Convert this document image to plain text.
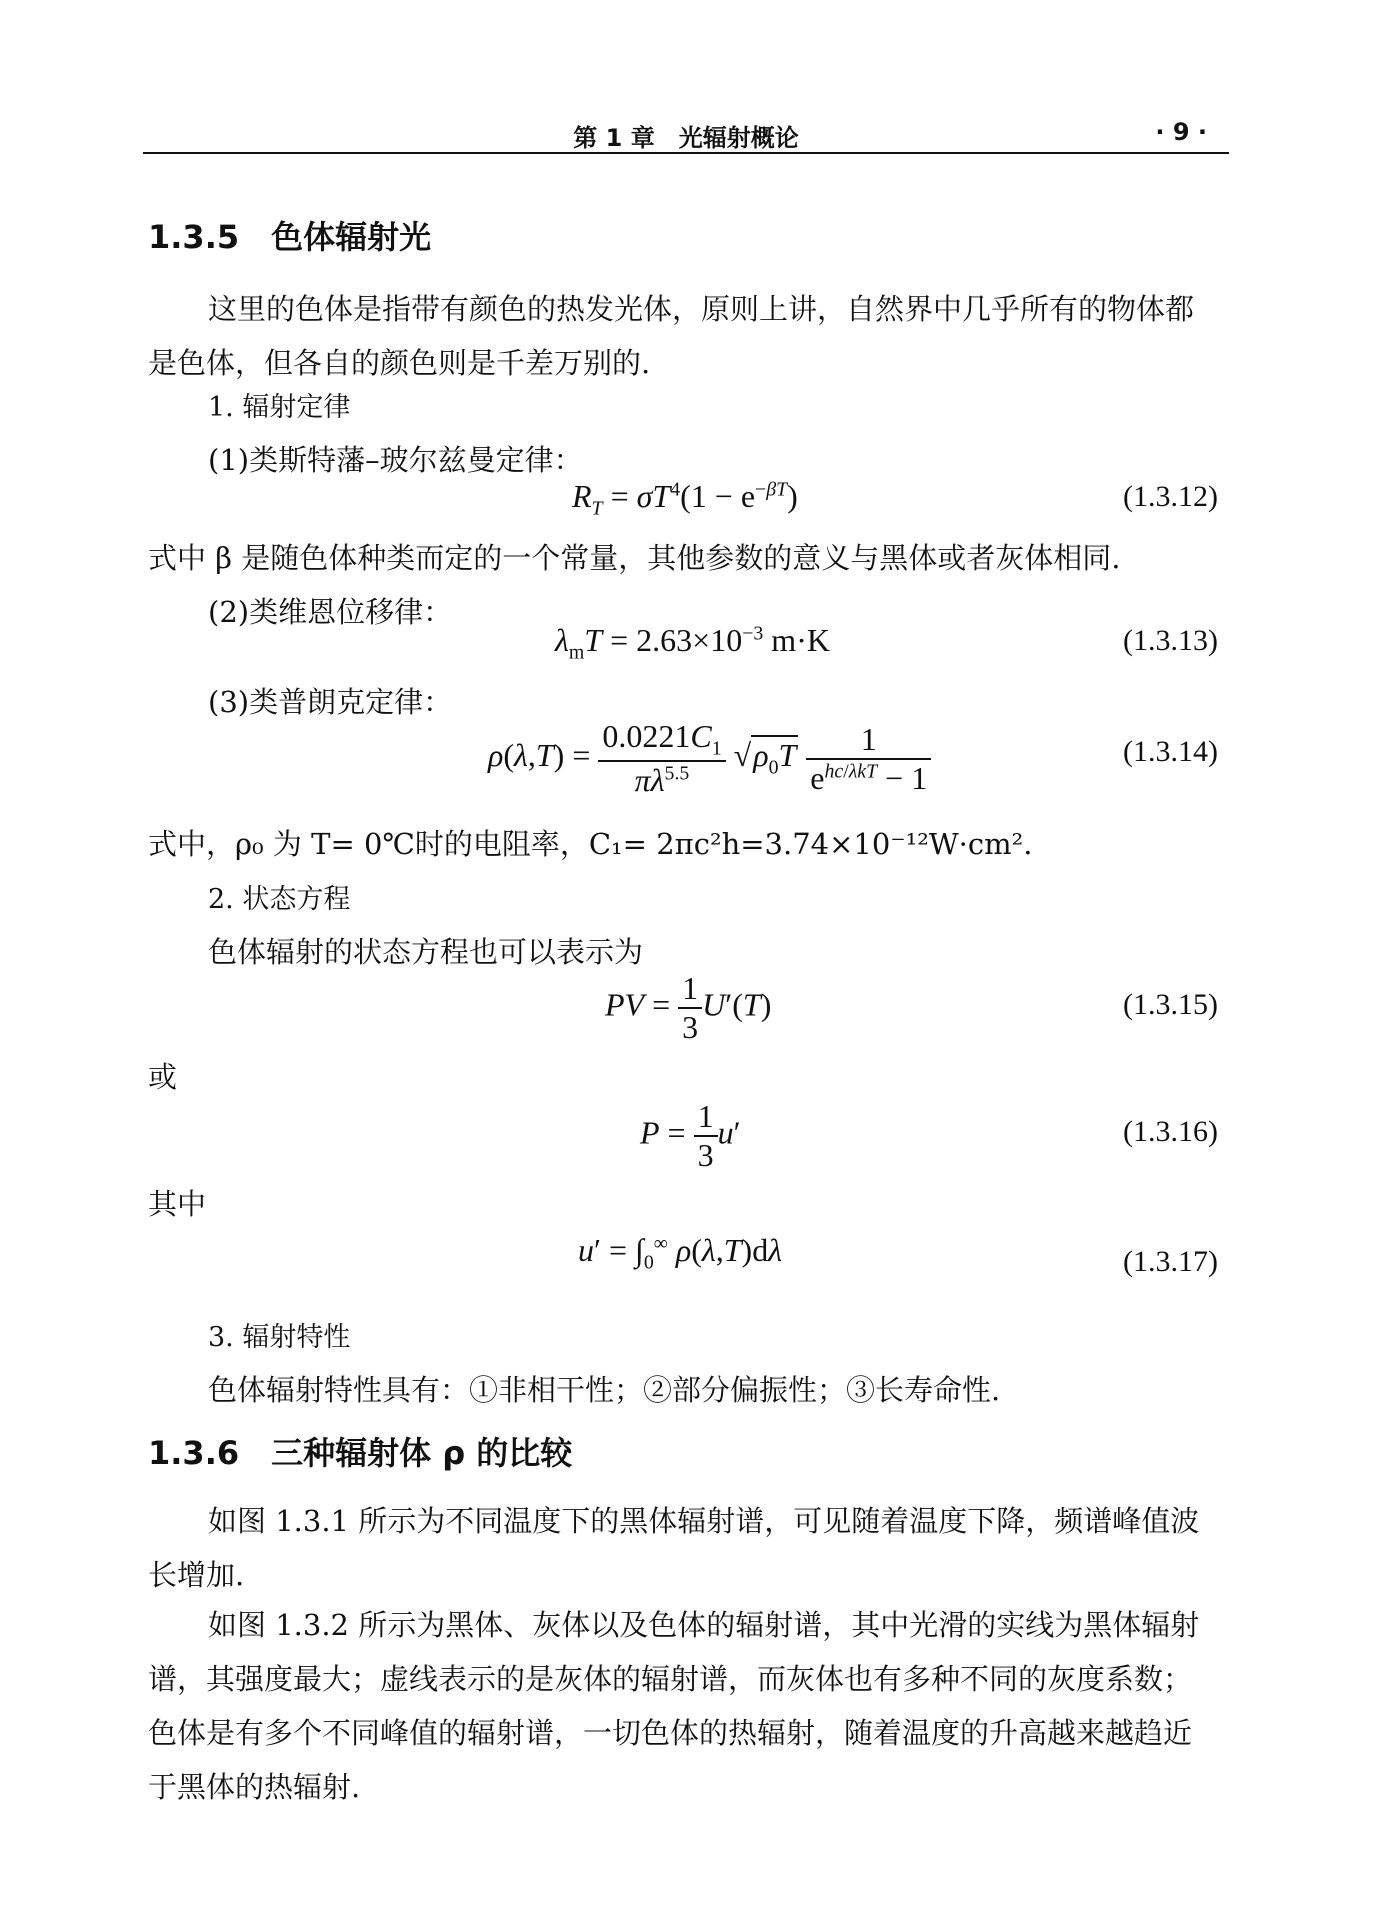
第 1 章　光辐射概论	· 9 ·
1.3.5　色体辐射光
这里的色体是指带有颜色的热发光体，原则上讲，自然界中几乎所有的物体都是色体，但各自的颜色则是千差万别的.
1. 辐射定律
(1)类斯特藩–玻尔兹曼定律：
$R_T = \sigma T^4(1 - e^{-\beta T})$	(1.3.12)
式中 β 是随色体种类而定的一个常量，其他参数的意义与黑体或者灰体相同.
(2)类维恩位移律：
$\lambda_mT = 2.63\times 10^{-3}$ m·K	(1.3.13)
(3)类普朗克定律：
$\rho(\lambda,T) = \frac{0.0221C_1}{\pi\lambda^{5.5}} √\rho_0T \frac{1}{e^{hc/\lambda kT} - 1}$	(1.3.14)
式中，ρ₀ 为 T= 0℃时的电阻率，C₁= 2πc²h=3.74×10⁻¹²W·cm².
2. 状态方程
色体辐射的状态方程也可以表示为
PV = $\frac{1}{3} U'(T)$	(1.3.15)
或
$P = \frac{1}{3} u'$	(1.3.16)
其中
$u' = \int_0^\infty$ ρ(λ,T)dλ	(1.3.17)
3. 辐射特性
色体辐射特性具有：①非相干性；②部分偏振性；③长寿命性.
1.3.6　三种辐射体 ρ 的比较
如图 1.3.1 所示为不同温度下的黑体辐射谱，可见随着温度下降，频谱峰值波长增加.
如图 1.3.2 所示为黑体、灰体以及色体的辐射谱，其中光滑的实线为黑体辐射谱，其强度最大；虚线表示的是灰体的辐射谱，而灰体也有多种不同的灰度系数；色体是有多个不同峰值的辐射谱，一切色体的热辐射，随着温度的升高越来越趋近于黑体的热辐射.
